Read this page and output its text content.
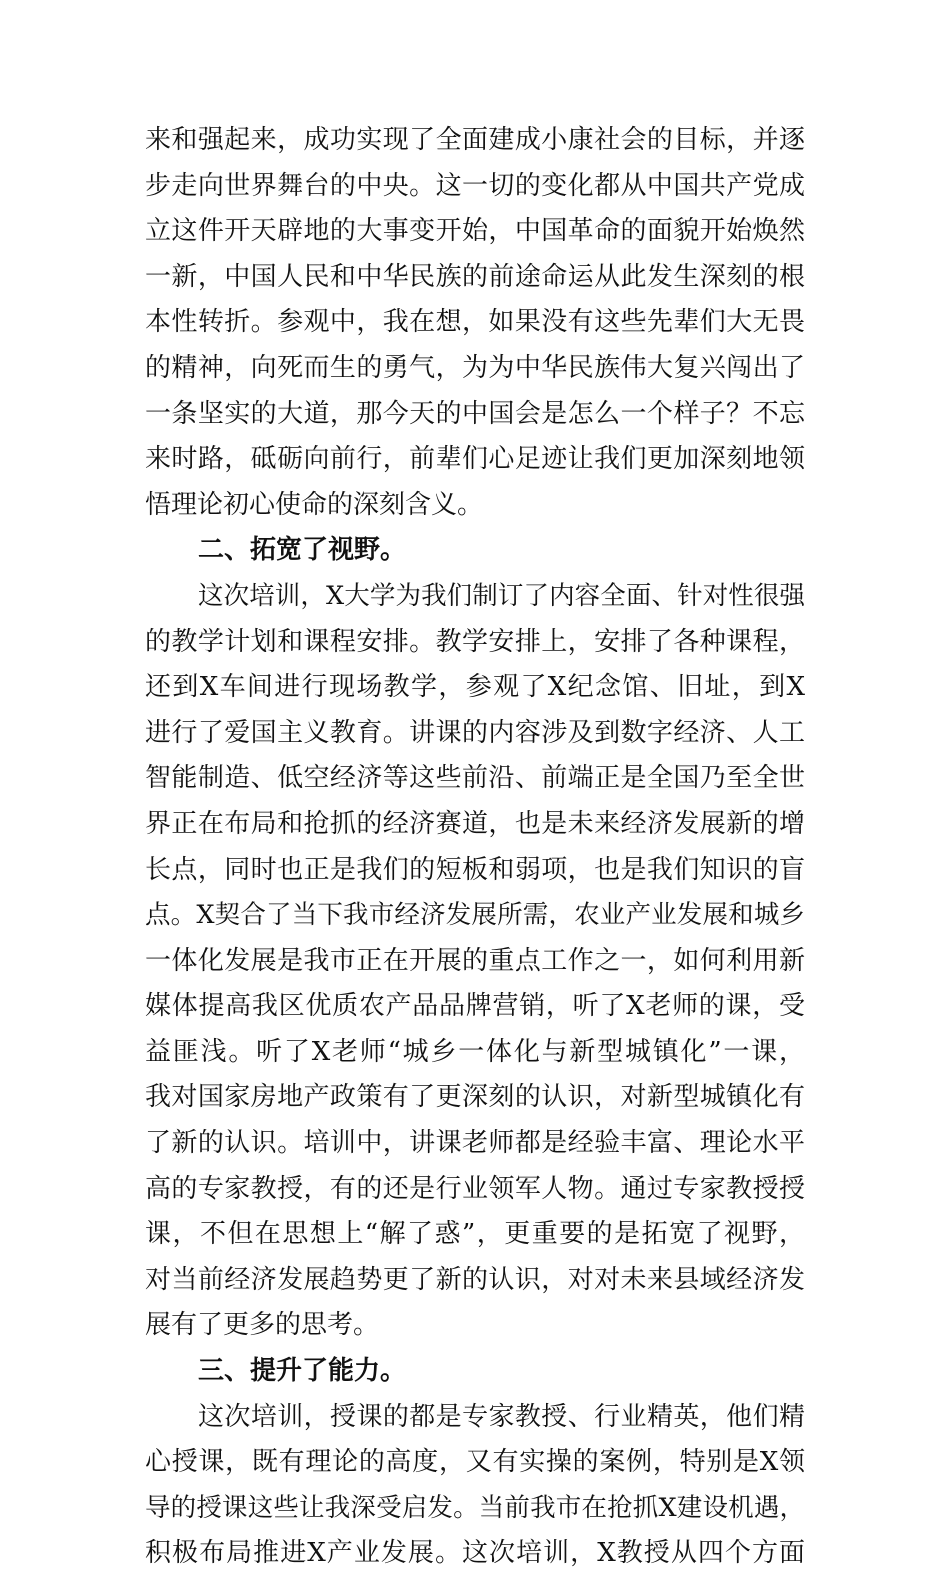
来和强起来，成功实现了全面建成小康社会的目标，并逐
步走向世界舞台的中央。这一切的变化都从中国共产党成
立这件开天辟地的大事变开始，中国革命的面貌开始焕然
一新，中国人民和中华民族的前途命运从此发生深刻的根
本性转折。参观中，我在想，如果没有这些先辈们大无畏
的精神，向死而生的勇气，为为中华民族伟大复兴闯出了
一条坚实的大道，那今天的中国会是怎么一个样子？不忘
来时路，砥砺向前行，前辈们心足迹让我们更加深刻地领
悟理论初心使命的深刻含义。
二、拓宽了视野。
这次培训，X大学为我们制订了内容全面、针对性很强
的教学计划和课程安排。教学安排上，安排了各种课程，
还到X车间进行现场教学，参观了X纪念馆、旧址，到X
进行了爱国主义教育。讲课的内容涉及到数字经济、人工
智能制造、低空经济等这些前沿、前端正是全国乃至全世
界正在布局和抢抓的经济赛道，也是未来经济发展新的增
长点，同时也正是我们的短板和弱项，也是我们知识的盲
点。X契合了当下我市经济发展所需，农业产业发展和城乡
一体化发展是我市正在开展的重点工作之一，如何利用新
媒体提高我区优质农产品品牌营销，听了X老师的课，受
益匪浅。听了X老师“城乡一体化与新型城镇化”一课，
我对国家房地产政策有了更深刻的认识，对新型城镇化有
了新的认识。培训中，讲课老师都是经验丰富、理论水平
高的专家教授，有的还是行业领军人物。通过专家教授授
课，不但在思想上“解了惑”，更重要的是拓宽了视野，
对当前经济发展趋势更了新的认识，对对未来县域经济发
展有了更多的思考。
三、提升了能力。
这次培训，授课的都是专家教授、行业精英，他们精
心授课，既有理论的高度，又有实操的案例，特别是X领
导的授课这些让我深受启发。当前我市在抢抓X建设机遇，
积极布局推进X产业发展。这次培训，X教授从四个方面
